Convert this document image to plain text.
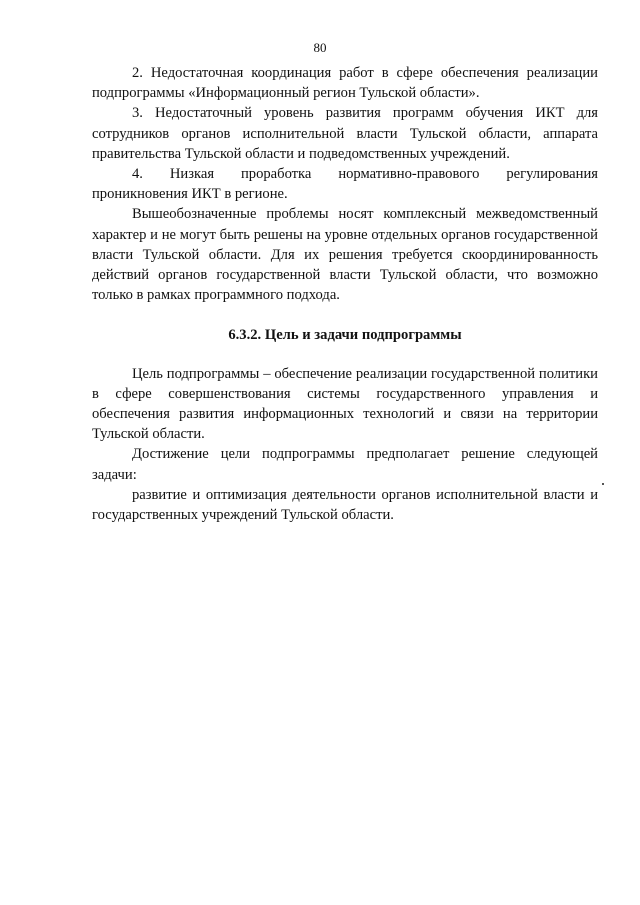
80

2. Недостаточная координация работ в сфере обеспечения реализации подпрограммы «Информационный регион Тульской области».

3. Недостаточный уровень развития программ обучения ИКТ для сотрудников органов исполнительной власти Тульской области, аппарата правительства Тульской области и подведомственных учреждений.

4. Низкая проработка нормативно-правового регулирования проникновения ИКТ в регионе.

Вышеобозначенные проблемы носят комплексный межведомственный характер и не могут быть решены на уровне отдельных органов государственной власти Тульской области. Для их решения требуется скоординированность действий органов государственной власти Тульской области, что возможно только в рамках программного подхода.

6.3.2. Цель и задачи подпрограммы

Цель подпрограммы – обеспечение реализации государственной политики в сфере совершенствования системы государственного управления и обеспечения развития информационных технологий и связи на территории Тульской области.

Достижение цели подпрограммы предполагает решение следующей задачи:

развитие и оптимизация деятельности органов исполнительной власти и государственных учреждений Тульской области.
